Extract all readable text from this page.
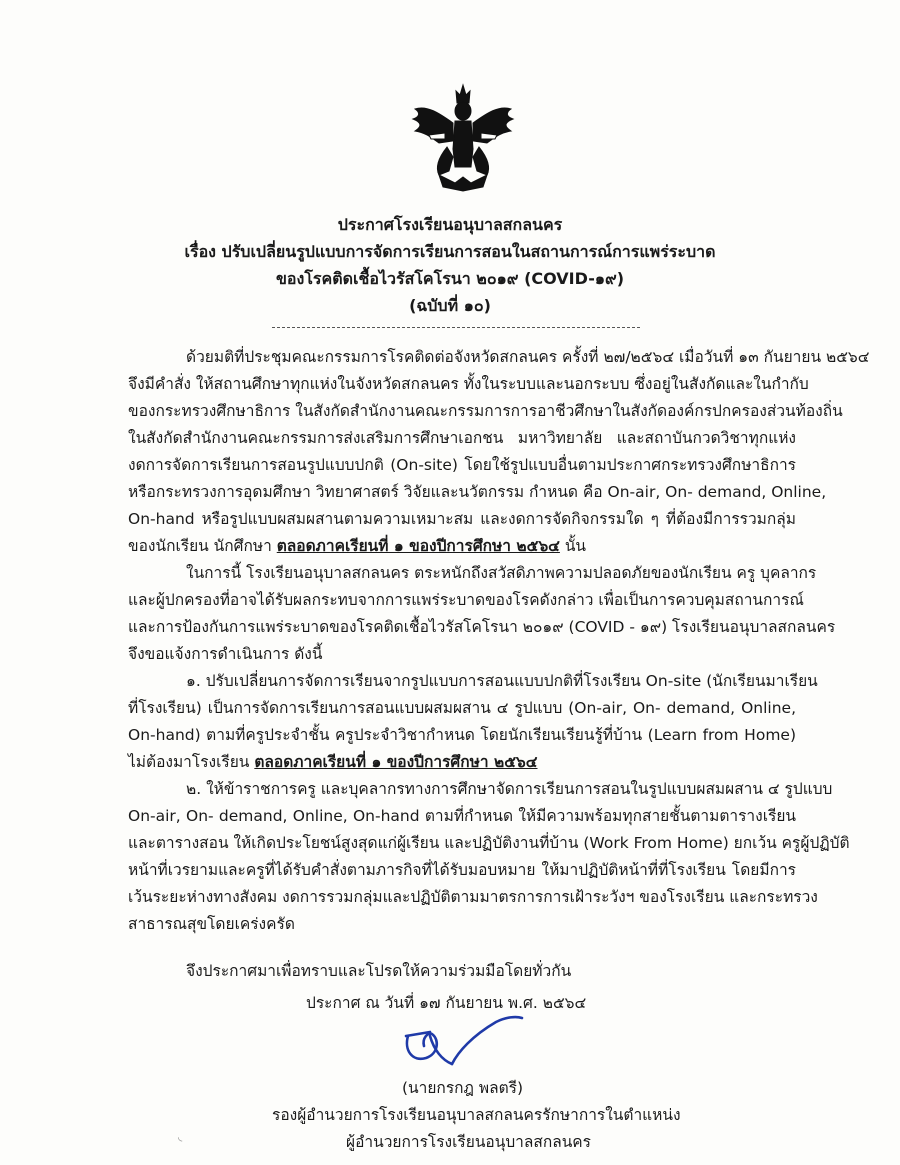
ประกาศโรงเรียนอนุบาลสกลนคร
เรื่อง ปรับเปลี่ยนรูปแบบการจัดการเรียนการสอนในสถานการณ์การแพร่ระบาด
ของโรคติดเชื้อไวรัสโคโรนา ๒๐๑๙ (COVID-๑๙)
(ฉบับที่ ๑๐)
ด้วยมติที่ประชุมคณะกรรมการโรคติดต่อจังหวัดสกลนคร ครั้งที่ ๒๗/๒๕๖๔ เมื่อวันที่ ๑๓ กันยายน ๒๕๖๔
จึงมีคำสั่ง ให้สถานศึกษาทุกแห่งในจังหวัดสกลนคร ทั้งในระบบและนอกระบบ ซึ่งอยู่ในสังกัดและในกำกับ
ของกระทรวงศึกษาธิการ ในสังกัดสำนักงานคณะกรรมการการอาชีวศึกษาในสังกัดองค์กรปกครองส่วนท้องถิ่น
ในสังกัดสำนักงานคณะกรรมการส่งเสริมการศึกษาเอกชน มหาวิทยาลัย และสถาบันกวดวิชาทุกแห่ง
งดการจัดการเรียนการสอนรูปแบบปกติ (On-site) โดยใช้รูปแบบอื่นตามประกาศกระทรวงศึกษาธิการ
หรือกระทรวงการอุดมศึกษา วิทยาศาสตร์ วิจัยและนวัตกรรม กำหนด คือ On-air, On- demand, Online,
On-hand หรือรูปแบบผสมผสานตามความเหมาะสม และงดการจัดกิจกรรมใด ๆ ที่ต้องมีการรวมกลุ่ม
ของนักเรียน นักศึกษา ตลอดภาคเรียนที่ ๑ ของปีการศึกษา ๒๕๖๔ นั้น
ในการนี้ โรงเรียนอนุบาลสกลนคร ตระหนักถึงสวัสดิภาพความปลอดภัยของนักเรียน ครู บุคลากร
และผู้ปกครองที่อาจได้รับผลกระทบจากการแพร่ระบาดของโรคดังกล่าว เพื่อเป็นการควบคุมสถานการณ์
และการป้องกันการแพร่ระบาดของโรคติดเชื้อไวรัสโคโรนา ๒๐๑๙ (COVID - ๑๙) โรงเรียนอนุบาลสกลนคร
จึงขอแจ้งการดำเนินการ ดังนี้
๑. ปรับเปลี่ยนการจัดการเรียนจากรูปแบบการสอนแบบปกติที่โรงเรียน On-site (นักเรียนมาเรียน
ที่โรงเรียน) เป็นการจัดการเรียนการสอนแบบผสมผสาน ๔ รูปแบบ (On-air, On- demand, Online,
On-hand) ตามที่ครูประจำชั้น ครูประจำวิชากำหนด โดยนักเรียนเรียนรู้ที่บ้าน (Learn from Home)
ไม่ต้องมาโรงเรียน ตลอดภาคเรียนที่ ๑ ของปีการศึกษา ๒๕๖๔
๒. ให้ข้าราชการครู และบุคลากรทางการศึกษาจัดการเรียนการสอนในรูปแบบผสมผสาน ๔ รูปแบบ
On-air, On- demand, Online, On-hand ตามที่กำหนด ให้มีความพร้อมทุกสายชั้นตามตารางเรียน
และตารางสอน ให้เกิดประโยชน์สูงสุดแก่ผู้เรียน และปฏิบัติงานที่บ้าน (Work From Home) ยกเว้น ครูผู้ปฏิบัติ
หน้าที่เวรยามและครูที่ได้รับคำสั่งตามภารกิจที่ได้รับมอบหมาย ให้มาปฏิบัติหน้าที่ที่โรงเรียน โดยมีการ
เว้นระยะห่างทางสังคม งดการรวมกลุ่มและปฏิบัติตามมาตรการการเฝ้าระวังฯ ของโรงเรียน และกระทรวง
สาธารณสุขโดยเคร่งครัด
จึงประกาศมาเพื่อทราบและโปรดให้ความร่วมมือโดยทั่วกัน
ประกาศ ณ วันที่ ๑๗ กันยายน พ.ศ. ๒๕๖๔
(นายกรกฎ พลตรี)
รองผู้อำนวยการโรงเรียนอนุบาลสกลนครรักษาการในตำแหน่ง
ผู้อำนวยการโรงเรียนอนุบาลสกลนคร
◟
